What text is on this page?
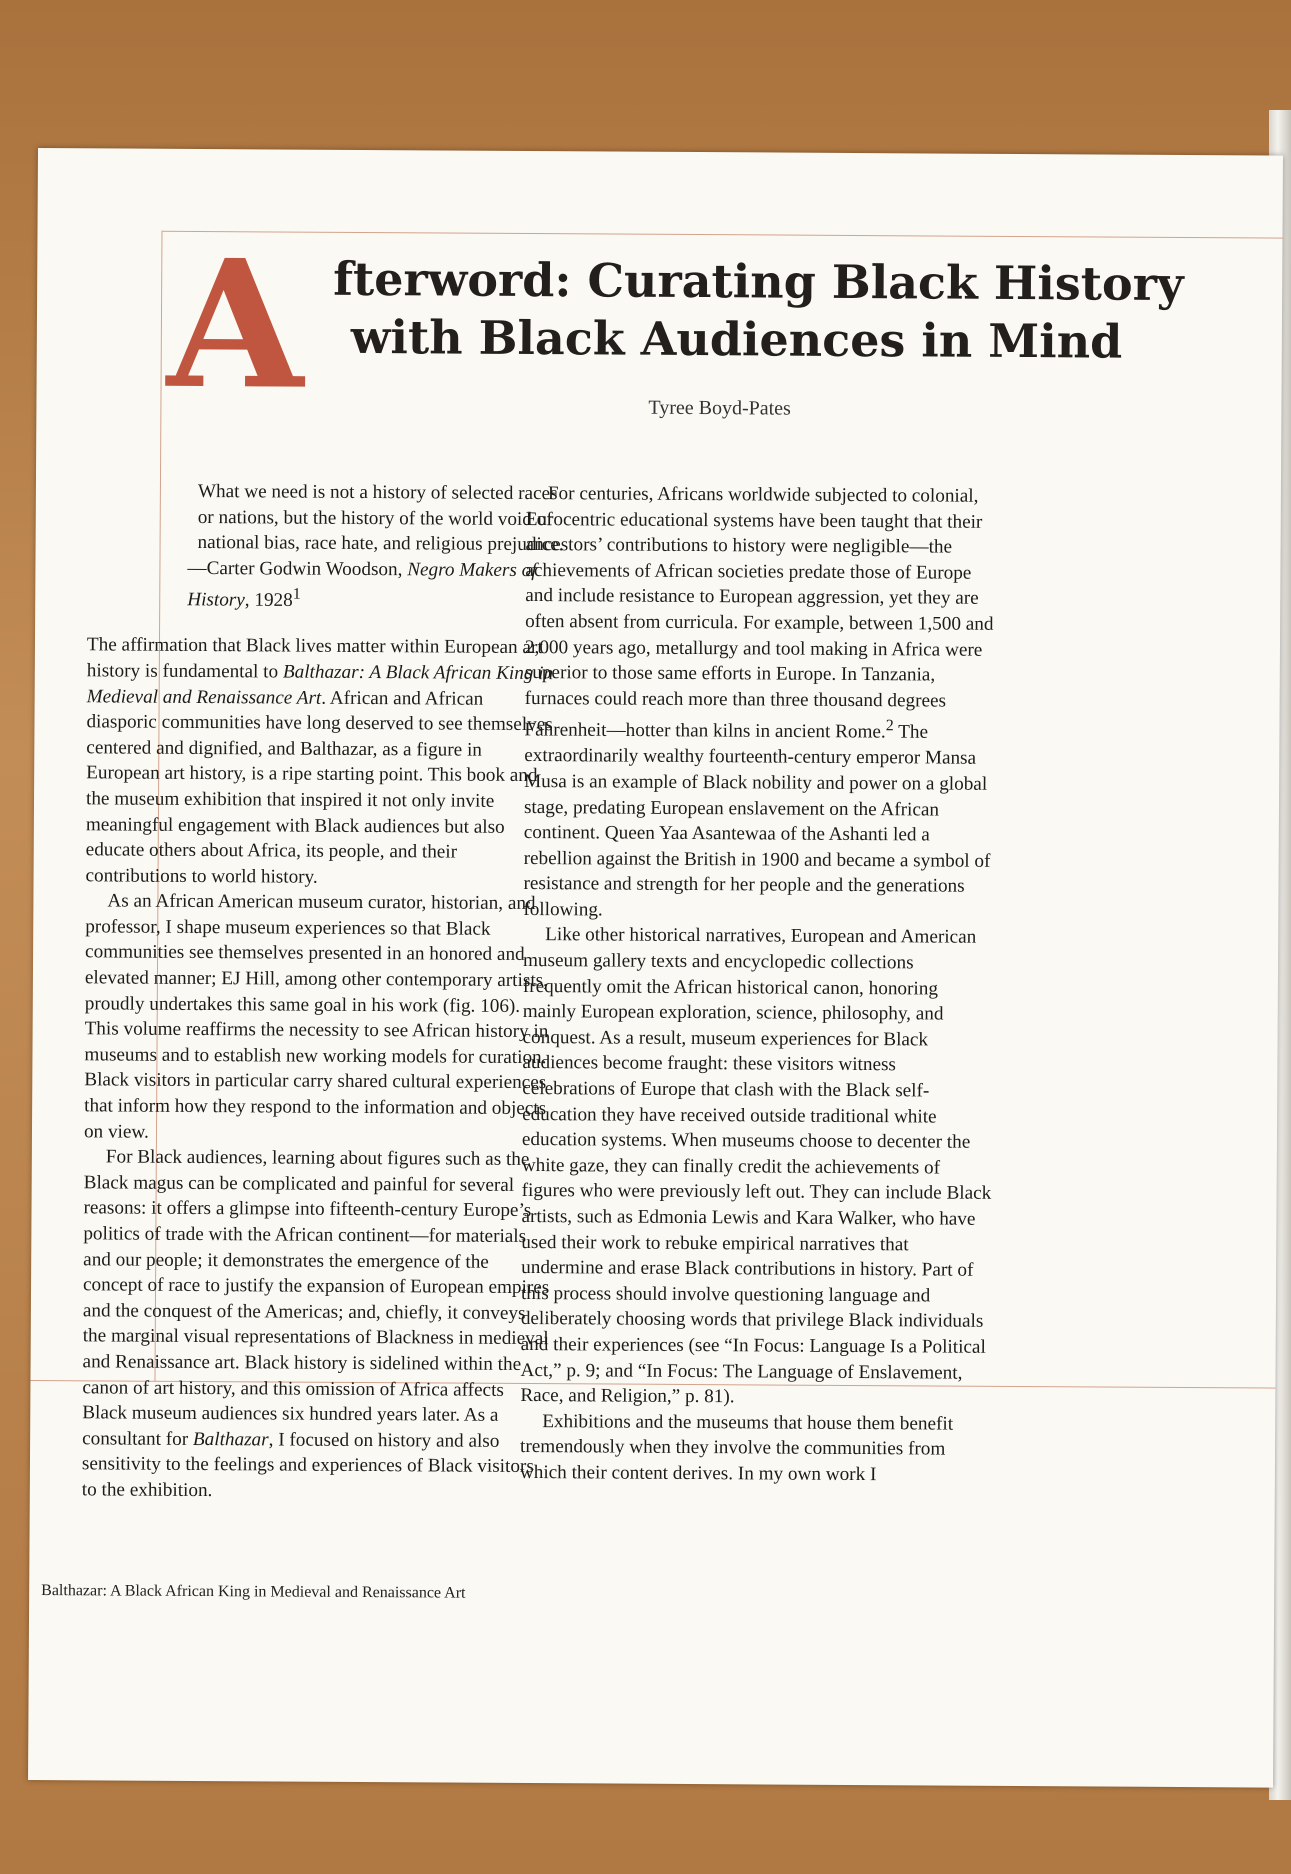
A fterword: Curating Black History
with Black Audiences in Mind
Tyree Boyd-Pates
What we need is not a history of selected races or nations, but the history of the world void of national bias, race hate, and religious prejudice.
—Carter Godwin Woodson, Negro Makers of History, 1928$^1$

The affirmation that Black lives matter within European art history is fundamental to Balthazar: A Black African King in Medieval and Renaissance Art. African and African diasporic communities have long deserved to see themselves centered and dignified, and Balthazar, as a figure in European art history, is a ripe starting point. This book and the museum exhibition that inspired it not only invite meaningful engagement with Black audiences but also educate others about Africa, its people, and their contributions to world history.

As an African American museum curator, historian, and professor, I shape museum experiences so that Black communities see themselves presented in an honored and elevated manner; EJ Hill, among other contemporary artists, proudly undertakes this same goal in his work (fig. 106). This volume reaffirms the necessity to see African history in museums and to establish new working models for curation. Black visitors in particular carry shared cultural experiences that inform how they respond to the information and objects on view.

For Black audiences, learning about figures such as the Black magus can be complicated and painful for several reasons: it offers a glimpse into fifteenth-century Europe’s politics of trade with the African continent—for materials and our people; it demonstrates the emergence of the concept of race to justify the expansion of European empires and the conquest of the Americas; and, chiefly, it conveys the marginal visual representations of Blackness in medieval and Renaissance art. Black history is sidelined within the canon of art history, and this omission of Africa affects Black museum audiences six hundred years later. As a consultant for Balthazar, I focused on history and also sensitivity to the feelings and experiences of Black visitors to the exhibition.

For centuries, Africans worldwide subjected to colonial, Eurocentric educational systems have been taught that their ancestors’ contributions to history were negligible—the achievements of African societies predate those of Europe and include resistance to European aggression, yet they are often absent from curricula. For example, between 1,500 and 2,000 years ago, metallurgy and tool making in Africa were superior to those same efforts in Europe. In Tanzania, furnaces could reach more than three thousand degrees Fahrenheit—hotter than kilns in ancient Rome.$^2$ The extraordinarily wealthy fourteenth-century emperor Mansa Musa is an example of Black nobility and power on a global stage, predating European enslavement on the African continent. Queen Yaa Asantewaa of the Ashanti led a rebellion against the British in 1900 and became a symbol of resistance and strength for her people and the generations following.

Like other historical narratives, European and American museum gallery texts and encyclopedic collections frequently omit the African historical canon, honoring mainly European exploration, science, philosophy, and conquest. As a result, museum experiences for Black audiences become fraught: these visitors witness celebrations of Europe that clash with the Black self-education they have received outside traditional white education systems. When museums choose to decenter the white gaze, they can finally credit the achievements of figures who were previously left out. They can include Black artists, such as Edmonia Lewis and Kara Walker, who have used their work to rebuke empirical narratives that undermine and erase Black contributions in history. Part of this process should involve questioning language and deliberately choosing words that privilege Black individuals and their experiences (see “In Focus: Language Is a Political Act,” p. 9; and “In Focus: The Language of Enslavement, Race, and Religion,” p. 81).

Exhibitions and the museums that house them benefit tremendously when they involve the communities from which their content derives. In my own work I

Balthazar: A Black African King in Medieval and Renaissance Art
